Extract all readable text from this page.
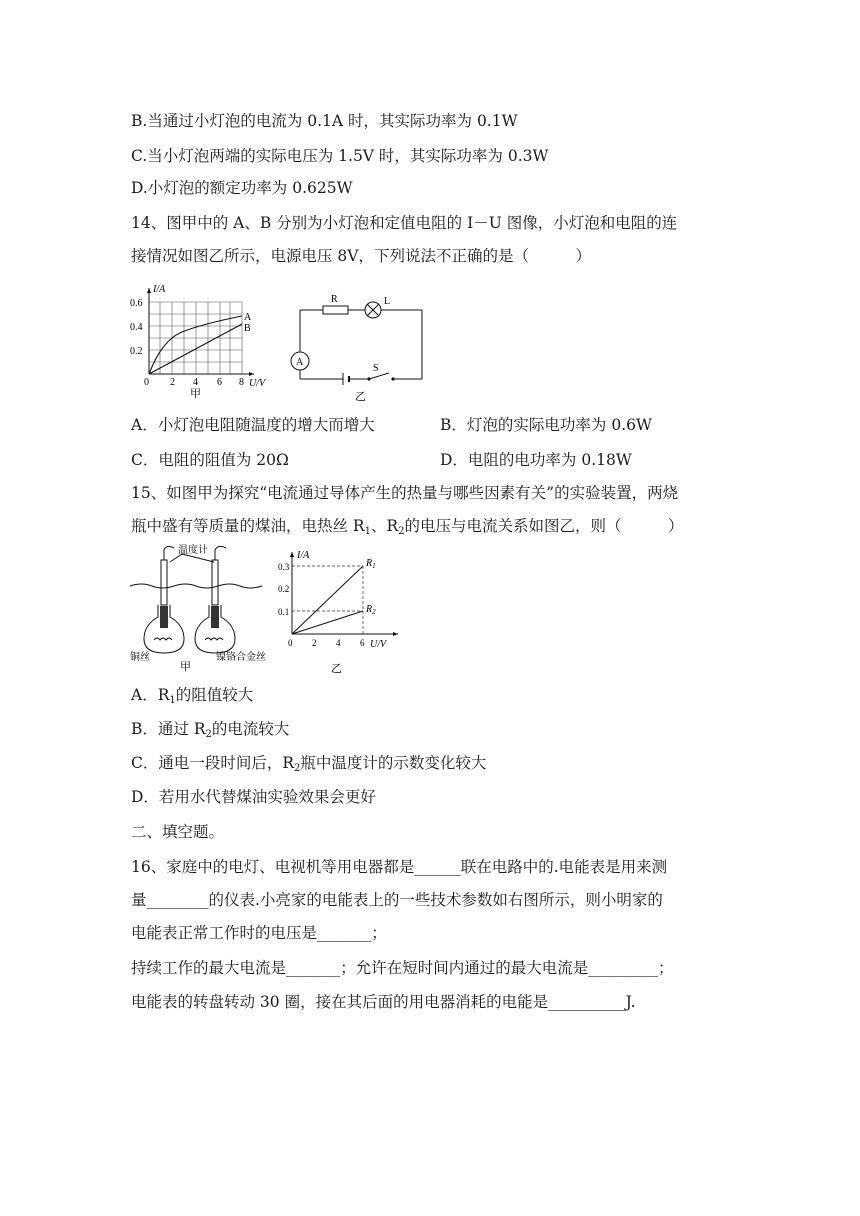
B.当通过小灯泡的电流为 0.1A 时，其实际功率为 0.1W
C.当小灯泡两端的实际电压为 1.5V 时，其实际功率为 0.3W
D.小灯泡的额定功率为 0.625W
14、图甲中的 A、B 分别为小灯泡和定值电阻的 I－U 图像，小灯泡和电阻的连
接情况如图乙所示，电源电压 8V，下列说法不正确的是（　　　）
I/A
U/V
0.6
0.4
0.2
0 2 4 6 8
A
B
甲
R	L
A
S
乙
A．小灯泡电阻随温度的增大而增大	B．灯泡的实际电功率为 0.6W
C．电阻的阻值为 20Ω	D．电阻的电功率为 0.18W
15、如图甲为探究“电流通过导体产生的热量与哪些因素有关”的实验装置，两烧
瓶中盛有等质量的煤油，电热丝 $R_1$、$R_2$的电压与电流关系如图乙，则（　　　）
温度计
铜丝	镍铬合金丝
甲
I/A
U/V
0.3
0.2
0.1
0 2 4 6
$R_1$
$R_2$
乙
A．$R_1$的阻值较大
B．通过 $R_2$的电流较大
C．通电一段时间后，$R_2$瓶中温度计的示数变化较大
D．若用水代替煤油实验效果会更好
二、填空题。
16、家庭中的电灯、电视机等用电器都是______联在电路中的.电能表是用来测
量________的仪表.小亮家的电能表上的一些技术参数如右图所示，则小明家的
电能表正常工作时的电压是_______；
持续工作的最大电流是_______；允许在短时间内通过的最大电流是_________；
电能表的转盘转动 30 圈，接在其后面的用电器消耗的电能是__________J.
